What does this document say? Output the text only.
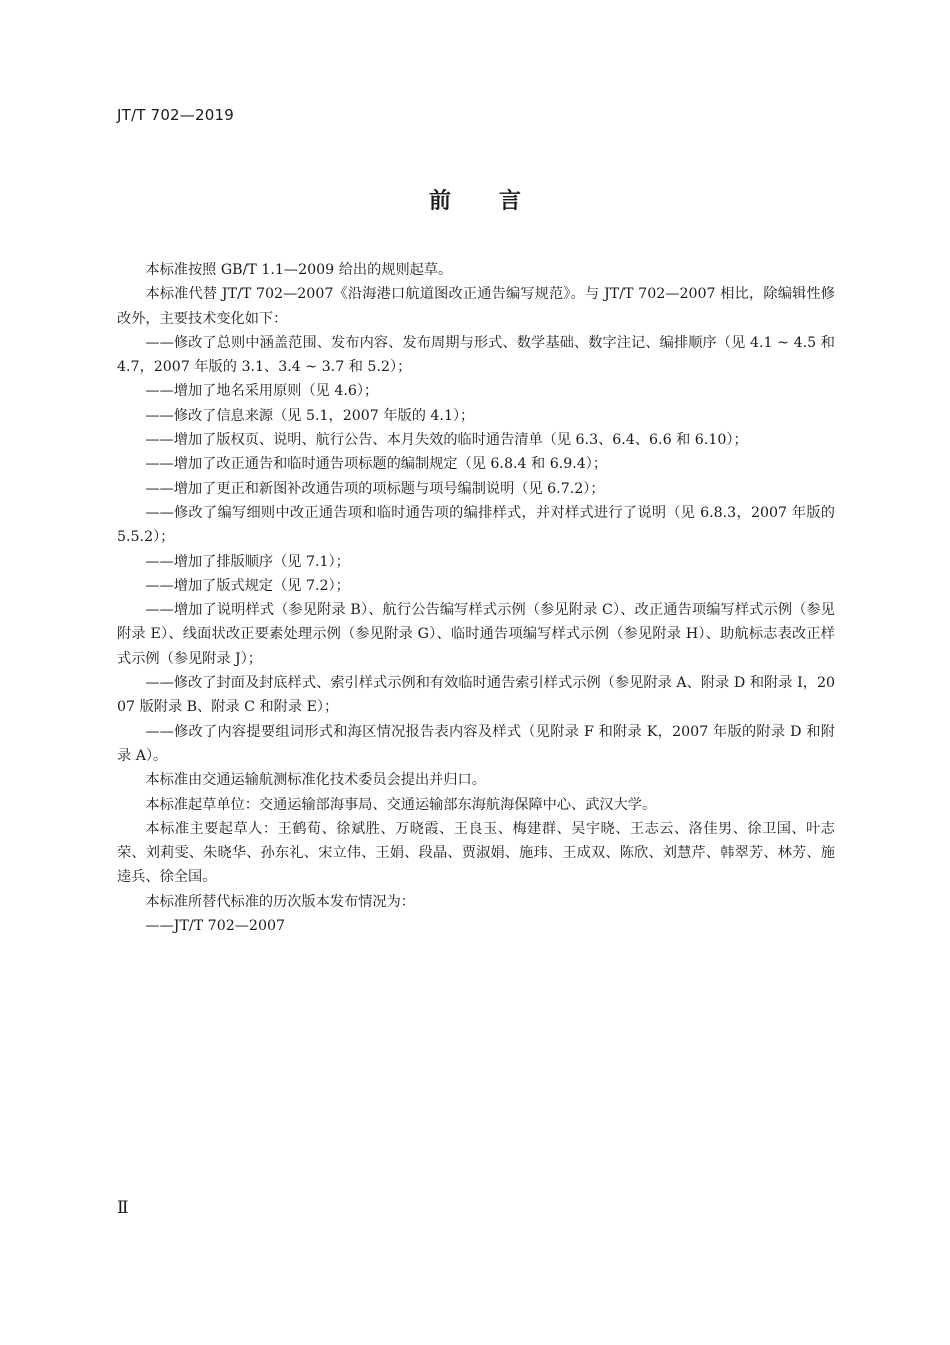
JT/T 702—2019
前言

本标准按照 GB/T 1.1—2009 给出的规则起草。

本标准代替 JT/T 702—2007《沿海港口航道图改正通告编写规范》。与 JT/T 702—2007 相比，除编辑性修改外，主要技术变化如下：

——修改了总则中涵盖范围、发布内容、发布周期与形式、数学基础、数字注记、编排顺序（见 4.1 ~ 4.5 和 4.7，2007 年版的 3.1、3.4 ~ 3.7 和 5.2）；

——增加了地名采用原则（见 4.6）；

——修改了信息来源（见 5.1，2007 年版的 4.1）；

——增加了版权页、说明、航行公告、本月失效的临时通告清单（见 6.3、6.4、6.6 和 6.10）；

——增加了改正通告和临时通告项标题的编制规定（见 6.8.4 和 6.9.4）；

——增加了更正和新图补改通告项的项标题与项号编制说明（见 6.7.2）；

——修改了编写细则中改正通告项和临时通告项的编排样式，并对样式进行了说明（见 6.8.3，2007 年版的 5.5.2）；

——增加了排版顺序（见 7.1）；

——增加了版式规定（见 7.2）；

——增加了说明样式（参见附录 B）、航行公告编写样式示例（参见附录 C）、改正通告项编写样式示例（参见附录 E）、线面状改正要素处理示例（参见附录 G）、临时通告项编写样式示例（参见附录 H）、助航标志表改正样式示例（参见附录 J）；

——修改了封面及封底样式、索引样式示例和有效临时通告索引样式示例（参见附录 A、附录 D 和附录 I，2007 版附录 B、附录 C 和附录 E）；

——修改了内容提要组词形式和海区情况报告表内容及样式（见附录 F 和附录 K，2007 年版的附录 D 和附录 A）。

本标准由交通运输航测标准化技术委员会提出并归口。

本标准起草单位：交通运输部海事局、交通运输部东海航海保障中心、武汉大学。

本标准主要起草人：王鹤荀、徐斌胜、万晓霞、王良玉、梅建群、吴宇晓、王志云、洛佳男、徐卫国、叶志荣、刘莉雯、朱晓华、孙东礼、宋立伟、王娟、段晶、贾淑娟、施玮、王成双、陈欣、刘慧芹、韩翠芳、林芳、施逵兵、徐全国。

本标准所替代标准的历次版本发布情况为：

——JT/T 702—2007

Ⅱ
